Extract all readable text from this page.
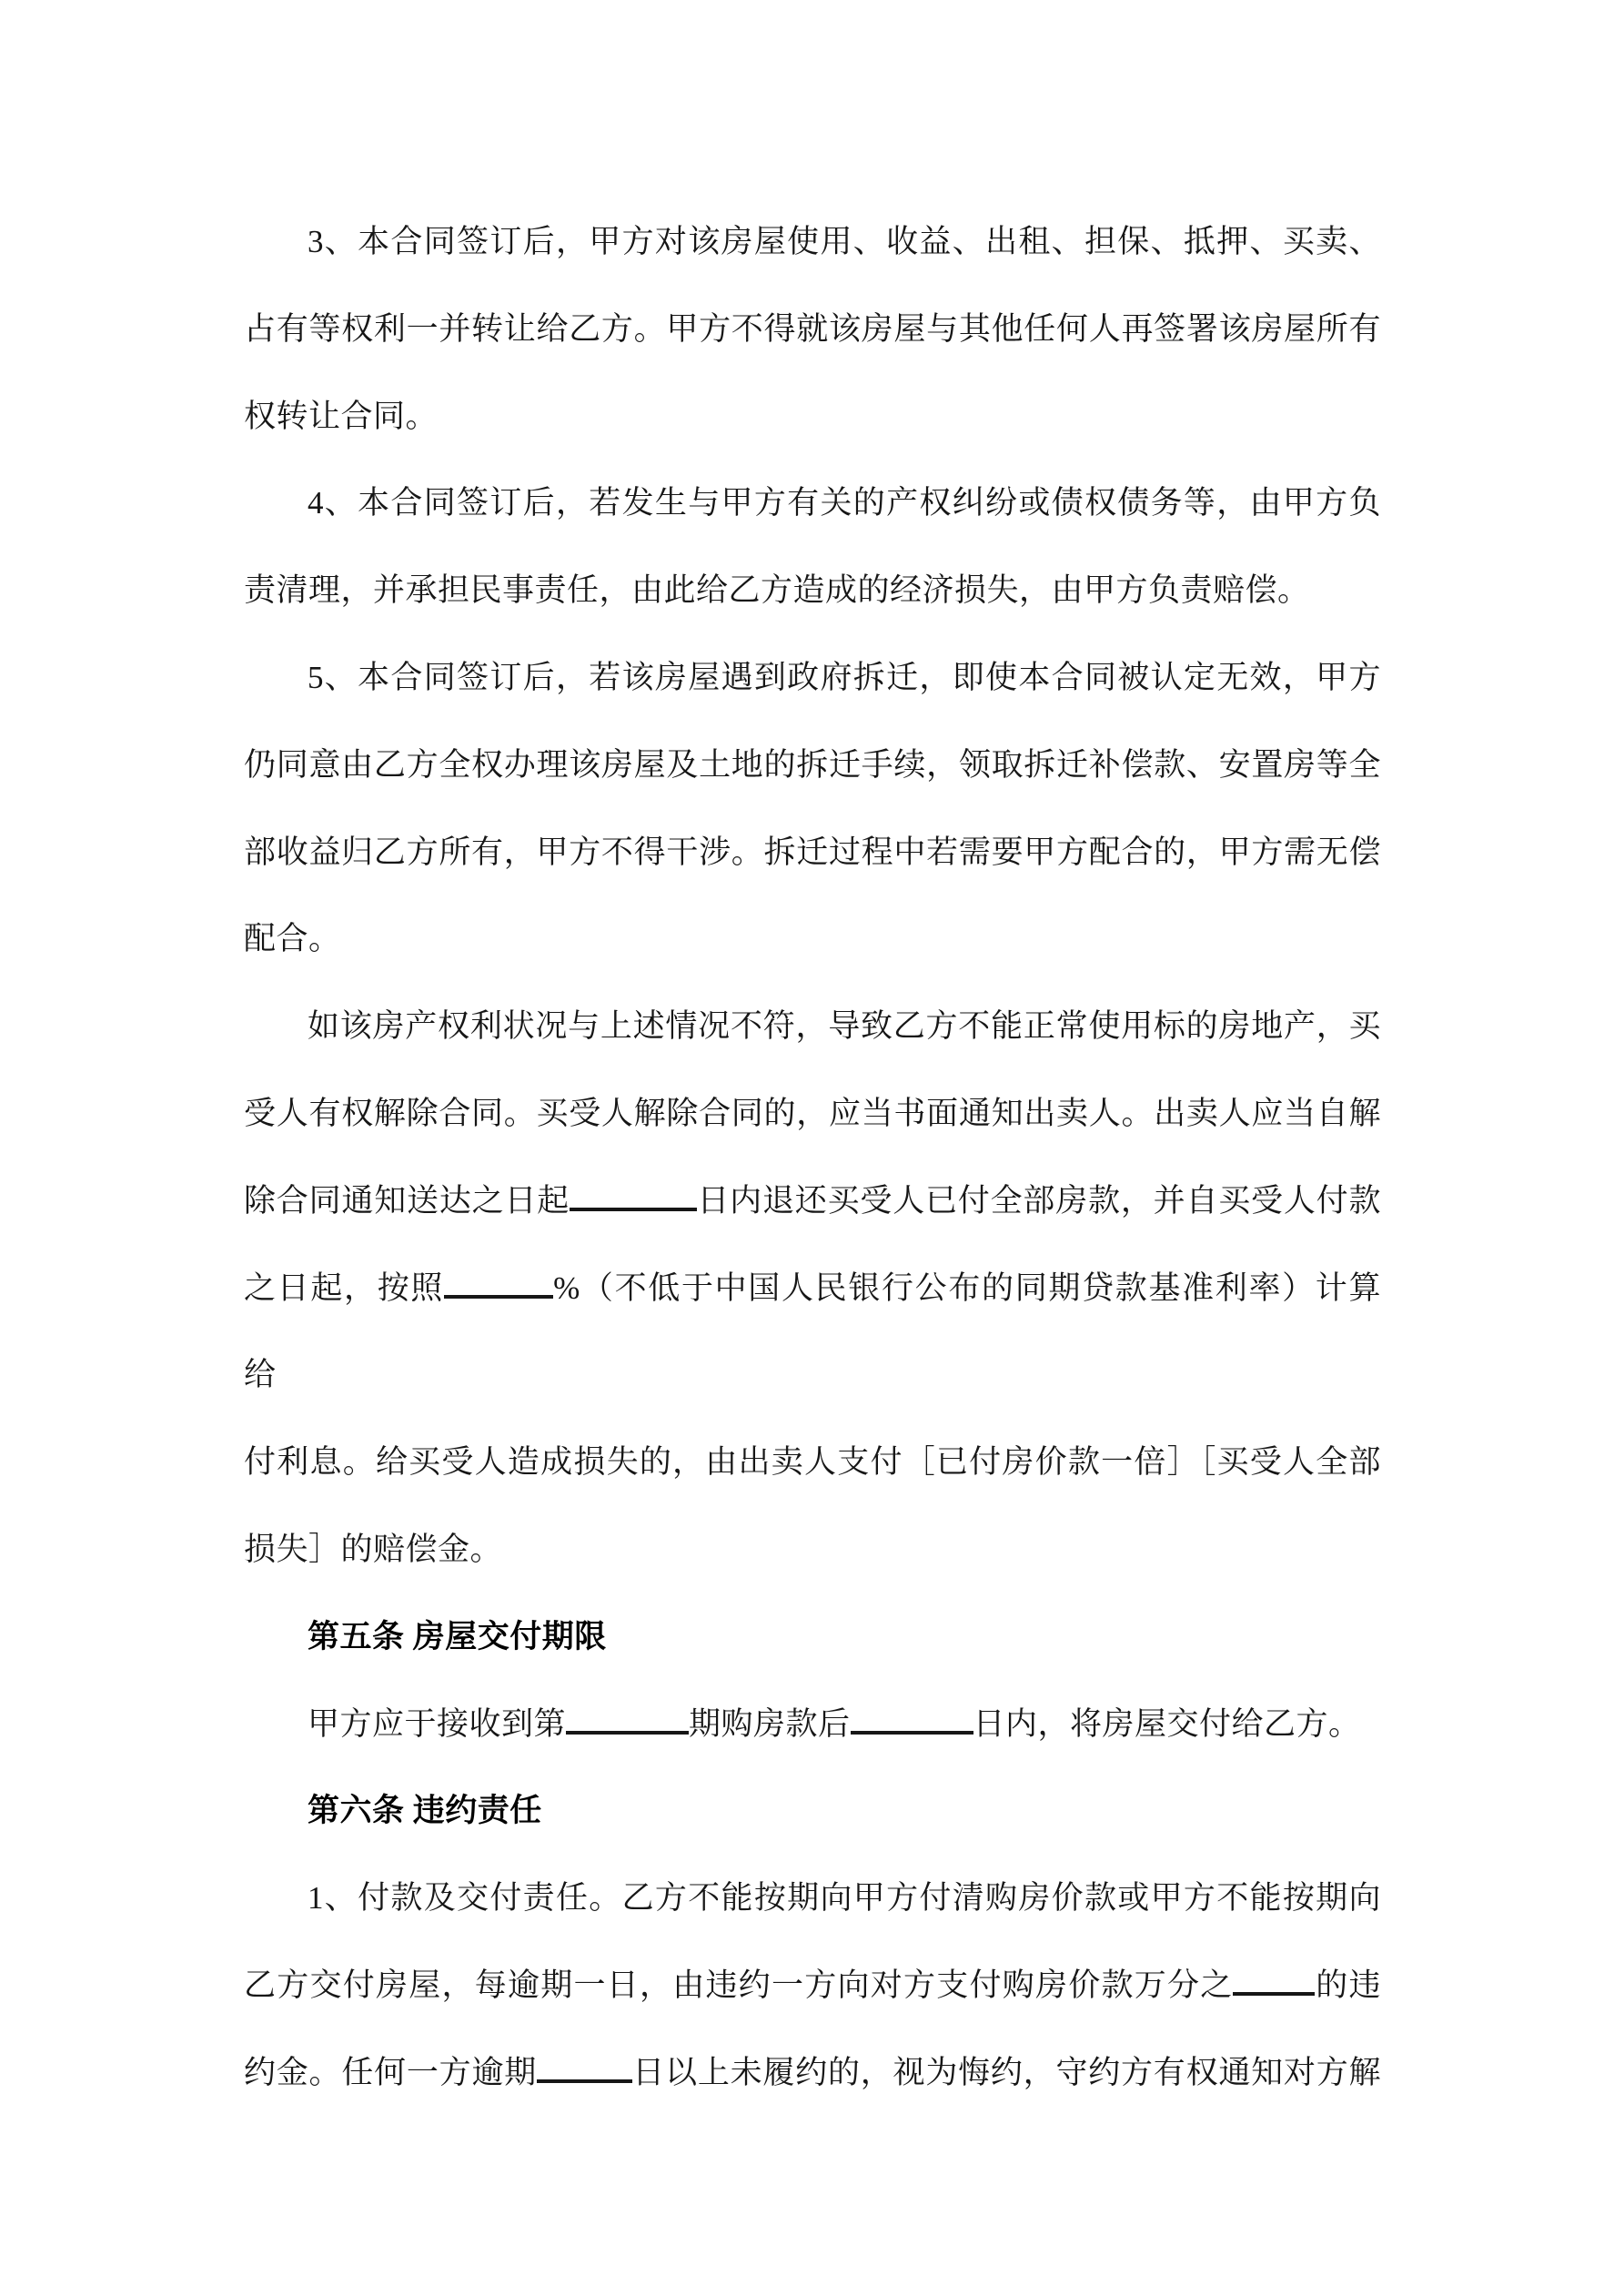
3、本合同签订后，甲方对该房屋使用、收益、出租、担保、抵押、买卖、
占有等权利一并转让给乙方。甲方不得就该房屋与其他任何人再签署该房屋所有
权转让合同。
4、本合同签订后，若发生与甲方有关的产权纠纷或债权债务等，由甲方负
责清理，并承担民事责任，由此给乙方造成的经济损失，由甲方负责赔偿。
5、本合同签订后，若该房屋遇到政府拆迁，即使本合同被认定无效，甲方
仍同意由乙方全权办理该房屋及土地的拆迁手续，领取拆迁补偿款、安置房等全
部收益归乙方所有，甲方不得干涉。拆迁过程中若需要甲方配合的，甲方需无偿
配合。
如该房产权利状况与上述情况不符，导致乙方不能正常使用标的房地产，买
受人有权解除合同。买受人解除合同的，应当书面通知出卖人。出卖人应当自解
除合同通知送达之日起	日内退还买受人已付全部房款，并自买受人付款
之日起，按照	%（不低于中国人民银行公布的同期贷款基准利率）计算给
付利息。给买受人造成损失的，由出卖人支付［已付房价款一倍］［买受人全部
损失］的赔偿金。
第五条 房屋交付期限
甲方应于接收到第	期购房款后	日内，将房屋交付给乙方。
第六条 违约责任
1、付款及交付责任。乙方不能按期向甲方付清购房价款或甲方不能按期向
乙方交付房屋，每逾期一日，由违约一方向对方支付购房价款万分之	的违
约金。任何一方逾期	日以上未履约的，视为悔约，守约方有权通知对方解
